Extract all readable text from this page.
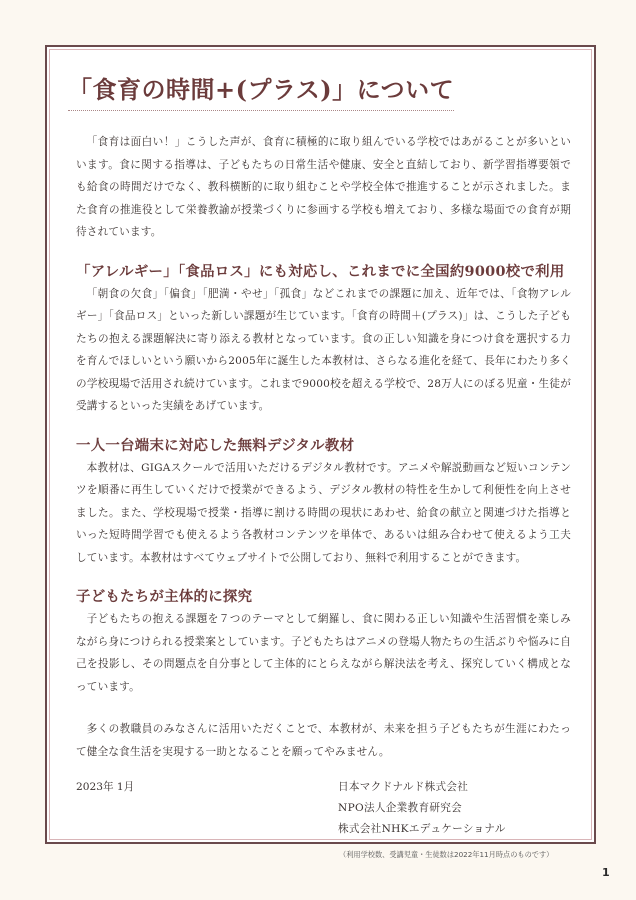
「食育の時間+(プラス)」について

「食育は面白い！」こうした声が、食育に積極的に取り組んでいる学校ではあがることが多いといいます。食に関する指導は、子どもたちの日常生活や健康、安全と直結しており、新学習指導要領でも給食の時間だけでなく、教科横断的に取り組むことや学校全体で推進することが示されました。また食育の推進役として栄養教諭が授業づくりに参画する学校も増えており、多様な場面での食育が期待されています。

「アレルギー」「食品ロス」にも対応し、これまでに全国約9000校で利用

「朝食の欠食」「偏食」「肥満・やせ」「孤食」などこれまでの課題に加え、近年では、「食物アレルギー」「食品ロス」といった新しい課題が生じています。「食育の時間＋(プラス)」は、こうした子どもたちの抱える課題解決に寄り添える教材となっています。食の正しい知識を身につけ食を選択する力を育んでほしいという願いから2005年に誕生した本教材は、さらなる進化を経て、長年にわたり多くの学校現場で活用され続けています。これまで9000校を超える学校で、28万人にのぼる児童・生徒が受講するといった実績をあげています。

一人一台端末に対応した無料デジタル教材

本教材は、GIGAスクールで活用いただけるデジタル教材です。アニメや解説動画など短いコンテンツを順番に再生していくだけで授業ができるよう、デジタル教材の特性を生かして利便性を向上させました。また、学校現場で授業・指導に割ける時間の現状にあわせ、給食の献立と関連づけた指導といった短時間学習でも使えるよう各教材コンテンツを単体で、あるいは組み合わせて使えるよう工夫しています。本教材はすべてウェブサイトで公開しており、無料で利用することができます。

子どもたちが主体的に探究

子どもたちの抱える課題を７つのテーマとして網羅し、食に関わる正しい知識や生活習慣を楽しみながら身につけられる授業案としています。子どもたちはアニメの登場人物たちの生活ぶりや悩みに自己を投影し、その問題点を自分事として主体的にとらえながら解決法を考え、探究していく構成となっています。

多くの教職員のみなさんに活用いただくことで、本教材が、未来を担う子どもたちが生涯にわたって健全な食生活を実現する一助となることを願ってやみません。

2023年 1月	日本マクドナルド株式会社
NPO法人企業教育研究会
株式会社NHKエデュケーショナル
（利用学校数、受講児童・生徒数は2022年11月時点のものです）
1
